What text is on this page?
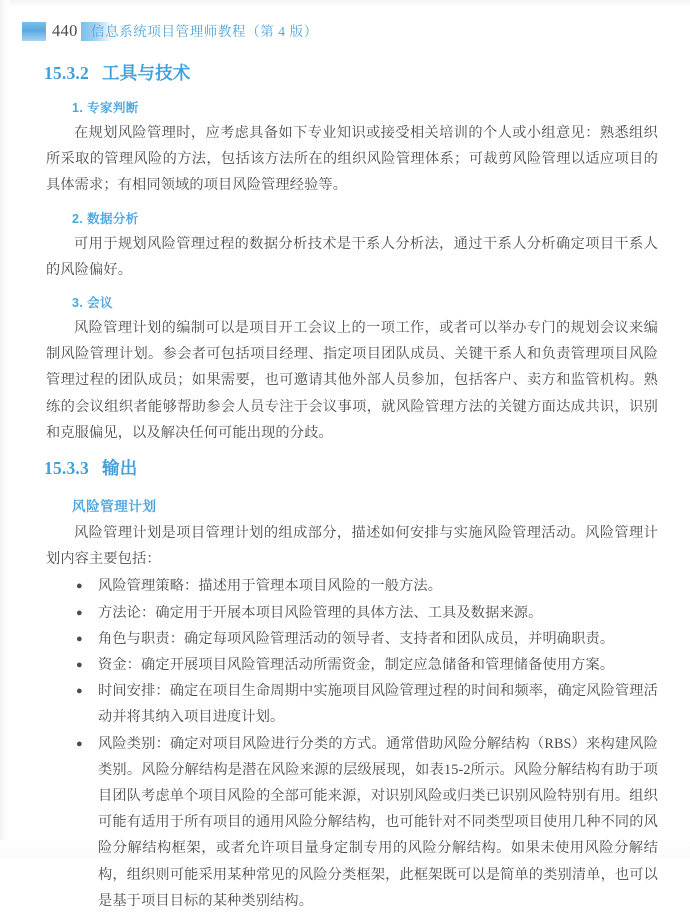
440 信息系统项目管理师教程（第 4 版）
15.3.2 工具与技术
1. 专家判断

在规划风险管理时，应考虑具备如下专业知识或接受相关培训的个人或小组意见：熟悉组织所采取的管理风险的方法，包括该方法所在的组织风险管理体系；可裁剪风险管理以适应项目的具体需求；有相同领域的项目风险管理经验等。

2. 数据分析

可用于规划风险管理过程的数据分析技术是干系人分析法，通过干系人分析确定项目干系人的风险偏好。

3. 会议

风险管理计划的编制可以是项目开工会议上的一项工作，或者可以举办专门的规划会议来编制风险管理计划。参会者可包括项目经理、指定项目团队成员、关键干系人和负责管理项目风险管理过程的团队成员；如果需要，也可邀请其他外部人员参加，包括客户、卖方和监管机构。熟练的会议组织者能够帮助参会人员专注于会议事项，就风险管理方法的关键方面达成共识，识别和克服偏见，以及解决任何可能出现的分歧。

15.3.3 输出
风险管理计划

风险管理计划是项目管理计划的组成部分，描述如何安排与实施风险管理活动。风险管理计划内容主要包括：

● 风险管理策略：描述用于管理本项目风险的一般方法。
● 方法论：确定用于开展本项目风险管理的具体方法、工具及数据来源。
● 角色与职责：确定每项风险管理活动的领导者、支持者和团队成员，并明确职责。
● 资金：确定开展项目风险管理活动所需资金，制定应急储备和管理储备使用方案。
● 时间安排：确定在项目生命周期中实施项目风险管理过程的时间和频率，确定风险管理活动并将其纳入项目进度计划。
● 风险类别：确定对项目风险进行分类的方式。通常借助风险分解结构（RBS）来构建风险类别。风险分解结构是潜在风险来源的层级展现，如表15-2所示。风险分解结构有助于项目团队考虑单个项目风险的全部可能来源，对识别风险或归类已识别风险特别有用。组织可能有适用于所有项目的通用风险分解结构，也可能针对不同类型项目使用几种不同的风险分解结构框架，或者允许项目量身定制专用的风险分解结构。如果未使用风险分解结构，组织则可能采用某种常见的风险分类框架，此框架既可以是简单的类别清单，也可以是基于项目目标的某种类别结构。
